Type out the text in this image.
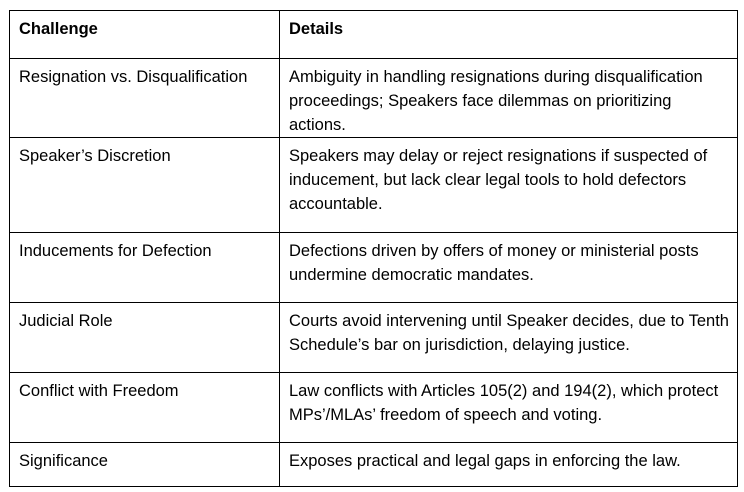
Challenge	Details
Resignation vs. Disqualification	Ambiguity in handling resignations during disqualification proceedings; Speakers face dilemmas on prioritizing actions.
Speaker’s Discretion	Speakers may delay or reject resignations if suspected of inducement, but lack clear legal tools to hold defectors accountable.
Inducements for Defection	Defections driven by offers of money or ministerial posts undermine democratic mandates.
Judicial Role	Courts avoid intervening until Speaker decides, due to Tenth Schedule’s bar on jurisdiction, delaying justice.
Conflict with Freedom	Law conflicts with Articles 105(2) and 194(2), which protect MPs’/MLAs’ freedom of speech and voting.
Significance	Exposes practical and legal gaps in enforcing the law.
